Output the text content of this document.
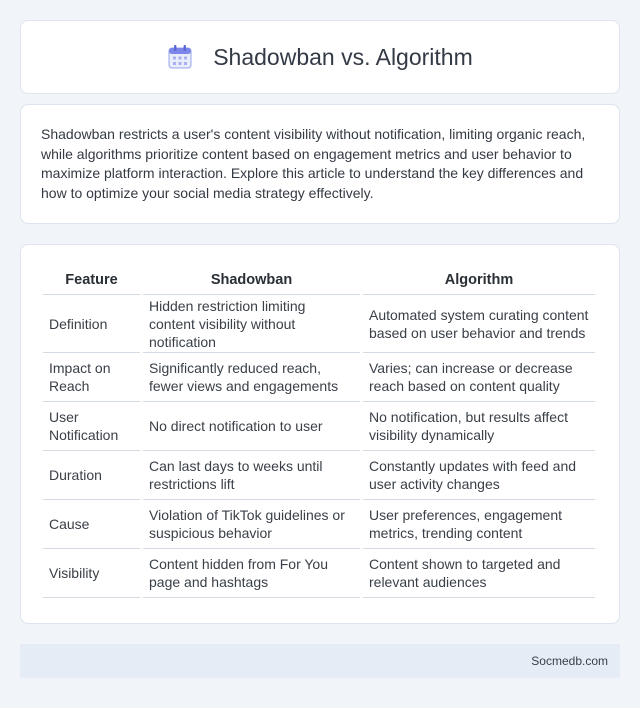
Shadowban vs. Algorithm

Shadowban restricts a user's content visibility without notification, limiting organic reach, while algorithms prioritize content based on engagement metrics and user behavior to maximize platform interaction. Explore this article to understand the key differences and how to optimize your social media strategy effectively.

Feature	Shadowban	Algorithm
Definition	Hidden restriction limiting content visibility without notification	Automated system curating content based on user behavior and trends
Impact on Reach	Significantly reduced reach, fewer views and engagements	Varies; can increase or decrease reach based on content quality
User Notification	No direct notification to user	No notification, but results affect visibility dynamically
Duration	Can last days to weeks until restrictions lift	Constantly updates with feed and user activity changes
Cause	Violation of TikTok guidelines or suspicious behavior	User preferences, engagement metrics, trending content
Visibility	Content hidden from For You page and hashtags	Content shown to targeted and relevant audiences
Socmedb.com
